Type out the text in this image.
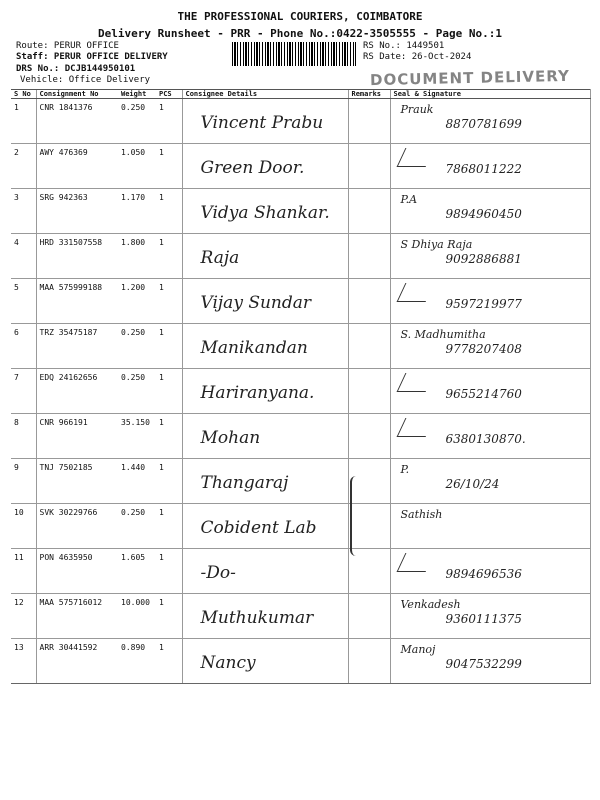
THE PROFESSIONAL COURIERS, COIMBATORE
Delivery Runsheet - PRR - Phone No.:0422-3505555 - Page No.:1
Route: PERUR OFFICE
Staff: PERUR OFFICE DELIVERY
DRS No.: DCJB144950101
Vehicle: Office Delivery
RS No.: 1449501
RS Date: 26-Oct-2024
DOCUMENT DELIVERY
S No	Consignment No	Weight	PCS	Consignee Details	Remarks	Seal & Signature
1	CNR 1841376	0.250	1	Vincent Prabu		Prauk
8870781699

2	AWY 476369	1.050	1	Green Door.		7868011222

3	SRG 942363	1.170	1	Vidya Shankar.		P.A
9894960450

4	HRD 331507558	1.800	1	Raja		S Dhiya Raja
9092886881

5	MAA 575999188	1.200	1	Vijay Sundar		9597219977

6	TRZ 35475187	0.250	1	Manikandan		S. Madhumitha
9778207408

7	EDQ 24162656	0.250	1	Hariranyana.		9655214760

8	CNR 966191	35.150	1	Mohan		6380130870.

9	TNJ 7502185	1.440	1	Thangaraj		P.
26/10/24

10	SVK 30229766	0.250	1	Cobident Lab		Sathish

11	PON 4635950	1.605	1	-Do-		9894696536

12	MAA 575716012	10.000	1	Muthukumar		Venkadesh
9360111375

13	ARR 30441592	0.890	1	Nancy		Manoj
9047532299
